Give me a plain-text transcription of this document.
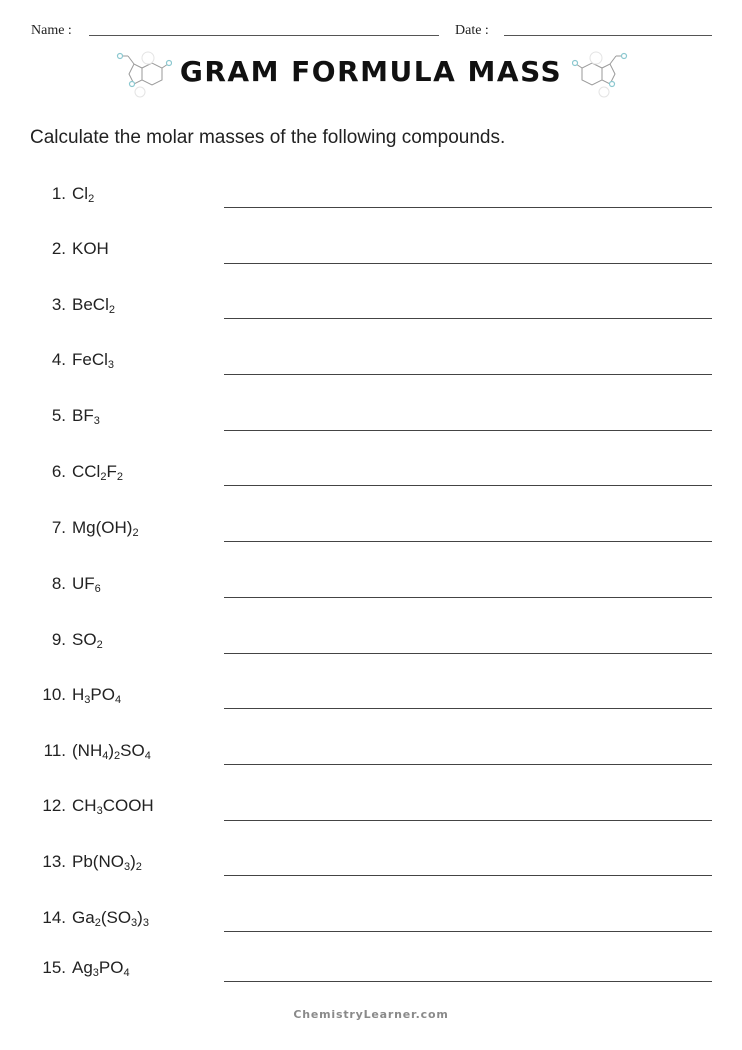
Name :	Date :
GRAM FORMULA MASS
Calculate the molar masses of the following compounds.
1. $Cl_2$
2. KOH
3. BeCl$_2$
4. FeCl$_3$
5. $BF_3$
6. $CCl_2F_2$
7. $Mg(OH)_2$
8. $UF_6$
9. $SO_2$
10. $H_3PO_4$
11. $(NH_4)_2SO_4$
12. $CH_3COOH$
13. $Pb(NO_3)_2$
14. $Ga_2(SO_3)_3$
15. $Ag_3PO_4$
ChemistryLearner.com
